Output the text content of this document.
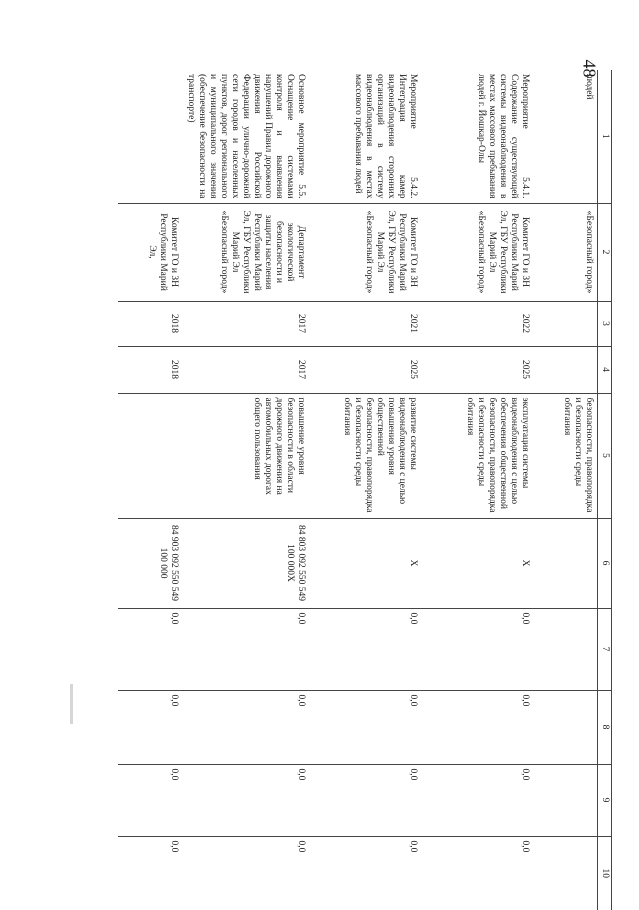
48
1	2	3	4	5	6	7	8	9	10
людей	«Безопасный город»			безопасности, правопорядка и безопасности среды обитания					
Мероприятие 5.4.1. Содержание существующей системы видеонаблюдения в местах массового пребывания людей г. Йошкар-Олы	Комитет ГО и ЗН Республики Марий Эл, ГБУ Республики Марий Эл «Безопасный город»	2022	2025	эксплуатация системы видеонаблюдения с целью обеспечения общественной безопасности, правопорядка и безопасности среды обитания	X	0,0	0,0	0,0	0,0
Мероприятие 5.4.2. Интеграция камер видеонаблюдения сторонних организаций в систему видеонаблюдения в местах массового пребывания людей	Комитет ГО и ЗН Республики Марий Эл, ГБУ Республики Марий Эл «Безопасный город»	2021	2025	развитие системы видеонаблюдения с целью повышения уровня общественной безопасности, правопорядка и безопасности среды обитания	X	0,0	0,0	0,0	0,0
Основное мероприятие 5.5. Оснащение системами контроля и выявления нарушений Правил дорожного движения Российской Федерации улично-дорожной сети городов и населенных пунктов, дорог регионального и муниципального значения (обеспечение безопасности на транспорте)	Департамент экологической безопасности и защиты населения Республики Марий Эл, ГБУ Республики Марий Эл «Безопасный город»	2017	2017	повышение уровня безопасности в области дорожного движения на автомобильных дорогах общего пользования	84 803 092 550 549 100 000Х	0,0	0,0	0,0	0,0
	Комитет ГО и ЗН Республики Марий Эл,	2018	2018		84 903 092 550 549 100 000	0,0	0,0	0,0	0,0
